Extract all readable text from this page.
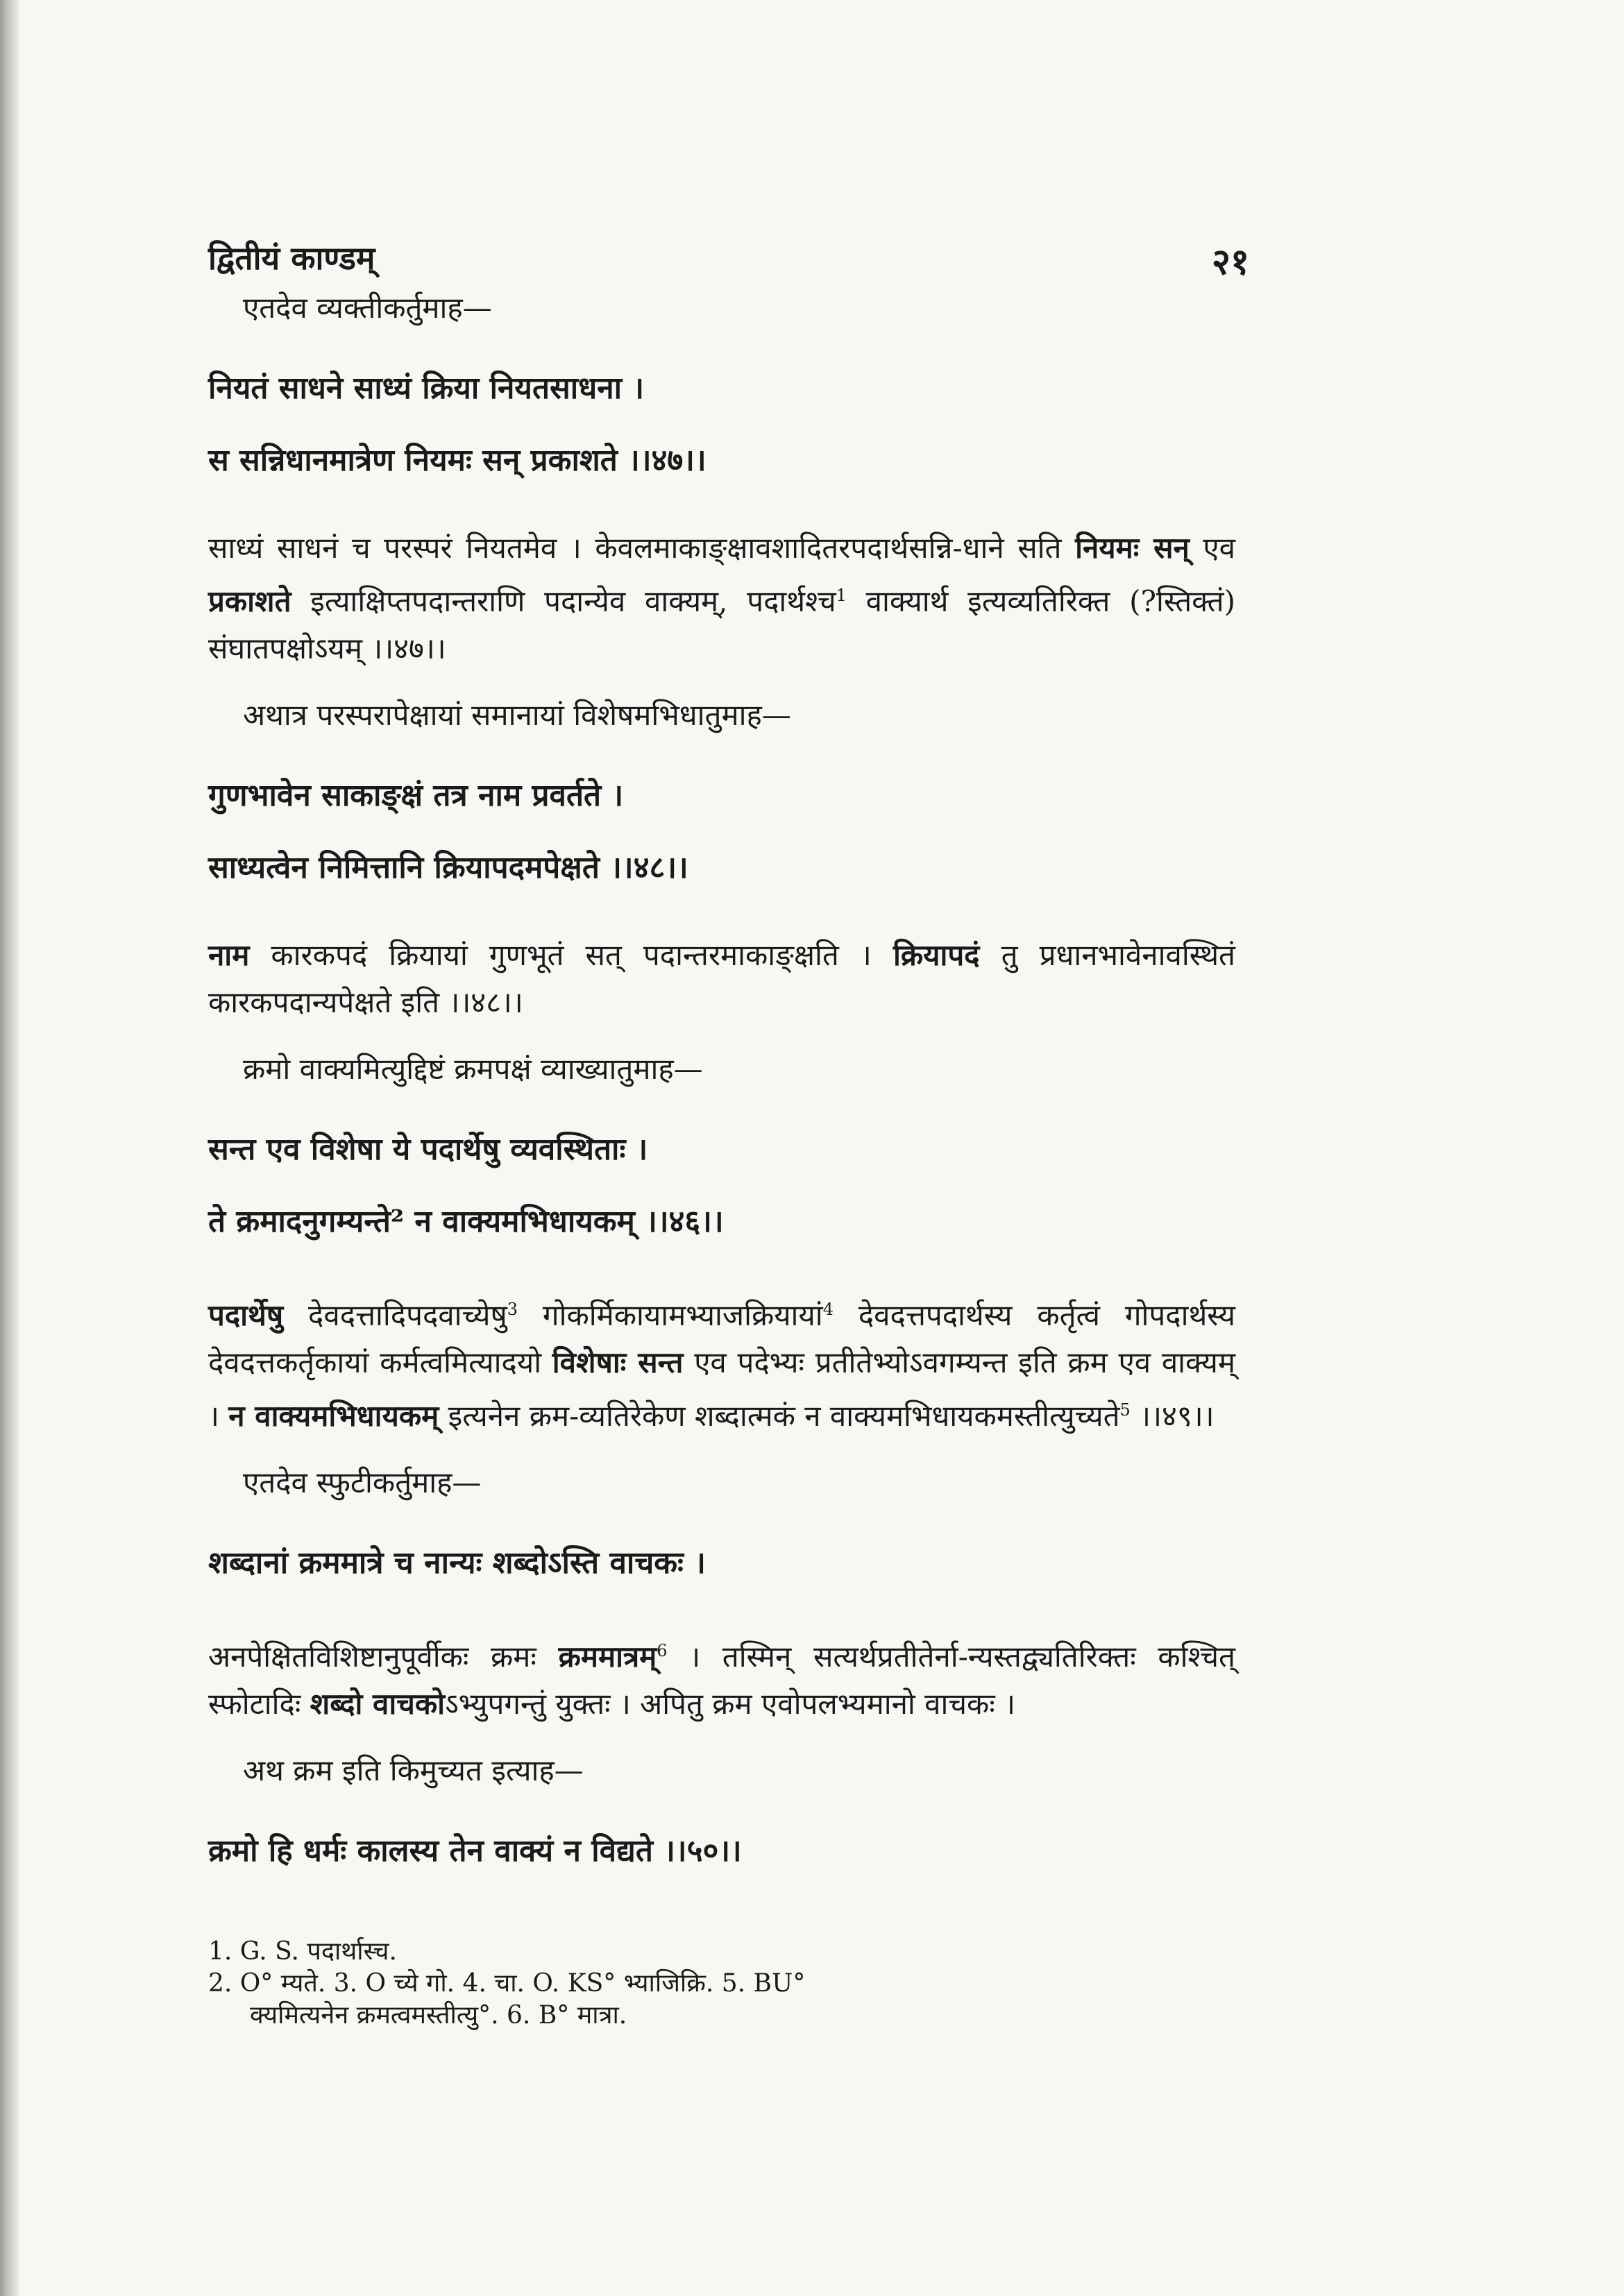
द्वितीयं काण्डम्	२१
एतदेव व्यक्तीकर्तुमाह—
नियतं साधने साध्यं क्रिया नियतसाधना ।
स सन्निधानमात्रेण नियमः सन् प्रकाशते ।।४७।।
साध्यं साधनं च परस्परं नियतमेव । केवलमाकाङ्क्षावशादितरपदार्थसन्नि-धाने सति नियमः सन् एव प्रकाशते इत्याक्षिप्तपदान्तराणि पदान्येव वाक्यम्, पदार्थश्च$^1$ वाक्यार्थ इत्यव्यतिरिक्त (?स्तिक्तं) संघातपक्षोऽयम् ।।४७।।
अथात्र परस्परापेक्षायां समानायां विशेषमभिधातुमाह—
गुणभावेन साकाङ्क्षं तत्र नाम प्रवर्तते ।
साध्यत्वेन निमित्तानि क्रियापदमपेक्षते ।।४८।।
नाम कारकपदं क्रियायां गुणभूतं सत् पदान्तरमाकाङ्क्षति । क्रियापदं तु प्रधानभावेनावस्थितं कारकपदान्यपेक्षते इति ।।४८।।
क्रमो वाक्यमित्युद्दिष्टं क्रमपक्षं व्याख्यातुमाह—
सन्त एव विशेषा ये पदार्थेषु व्यवस्थिताः ।
ते क्रमादनुगम्यन्ते² न वाक्यमभिधायकम् ।।४६।।
पदार्थेषु देवदत्तादिपदवाच्येषु$^3$ गोकर्मिकायामभ्याजक्रियायां$^4$ देवदत्तपदार्थस्य कर्तृत्वं गोपदार्थस्य देवदत्तकर्तृकायां कर्मत्वमित्यादयो विशेषाः सन्त एव पदेभ्यः प्रतीतेभ्योऽवगम्यन्त इति क्रम एव वाक्यम् । न वाक्यमभिधायकम् इत्यनेन क्रम-व्यतिरेकेण शब्दात्मकं न वाक्यमभिधायकमस्तीत्युच्यते$^5$ ।।४९।।
एतदेव स्फुटीकर्तुमाह—
शब्दानां क्रममात्रे च नान्यः शब्दोऽस्ति वाचकः ।
अनपेक्षितविशिष्टानुपूर्वीकः क्रमः क्रममात्रम्$^6$ । तस्मिन् सत्यर्थप्रतीतेर्ना-न्यस्तद्व्यतिरिक्तः कश्चित् स्फोटादिः शब्दो वाचकोऽभ्युपगन्तुं युक्तः । अपितु क्रम एवोपलभ्यमानो वाचकः ।
अथ क्रम इति किमुच्यत इत्याह—
क्रमो हि धर्मः कालस्य तेन वाक्यं न विद्यते ।।५०।।
1. G. S. पदार्थास्च.
2. O° म्यते. 3. O च्ये गो. 4. चा. O. KS° भ्याजिक्रि. 5. BU°
क्यमित्यनेन क्रमत्वमस्तीत्यु°. 6. B° मात्रा.
